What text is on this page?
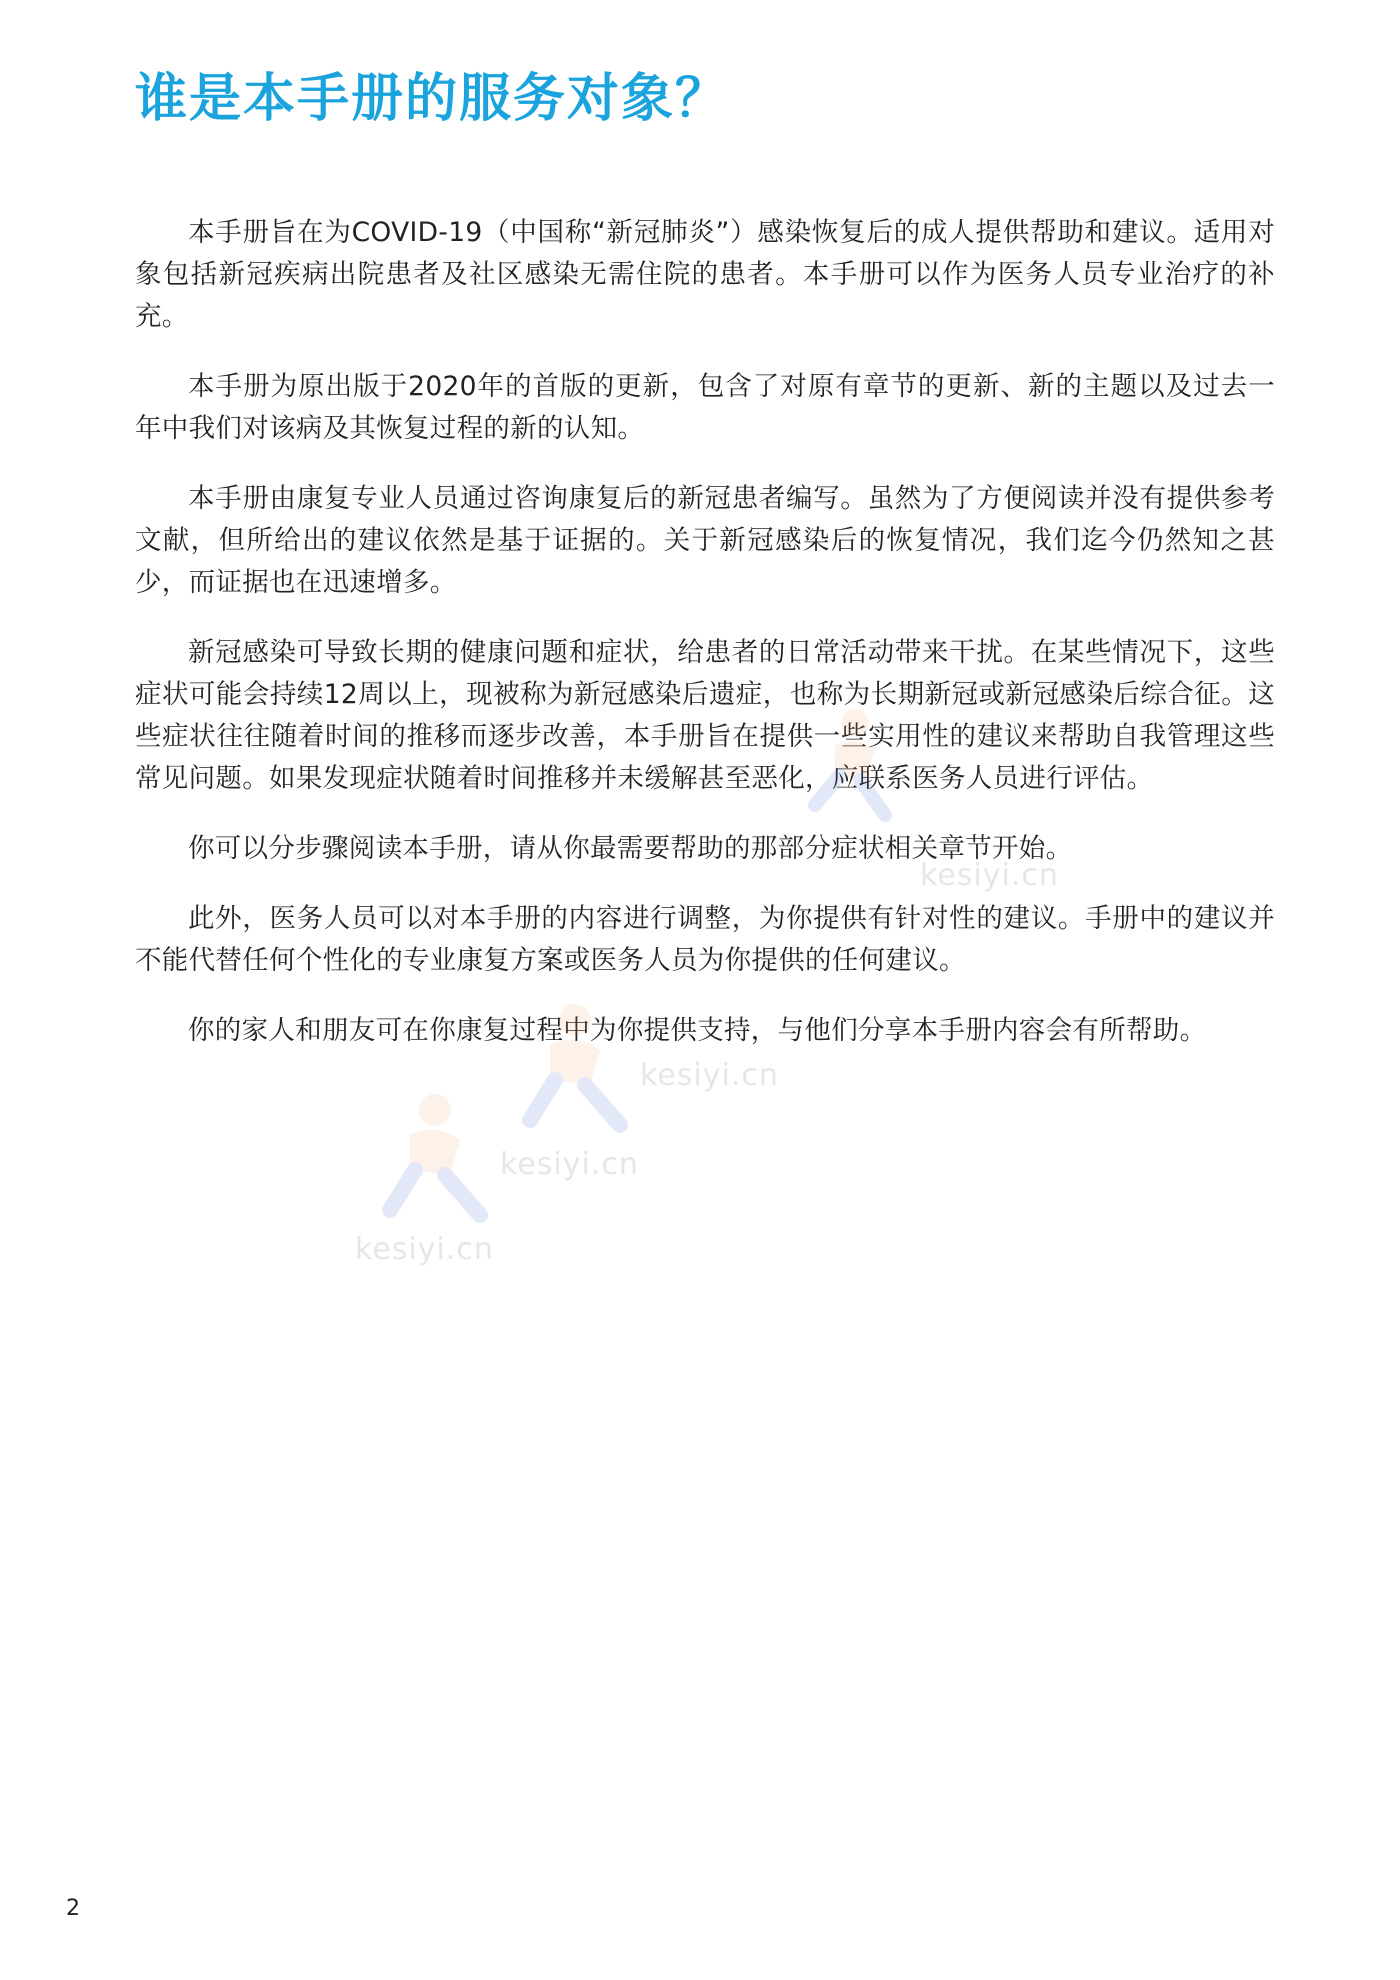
谁是本手册的服务对象？

本手册旨在为COVID-19（中国称“新冠肺炎”）感染恢复后的成人提供帮助和建议。适用对象包括新冠疾病出院患者及社区感染无需住院的患者。本手册可以作为医务人员专业治疗的补充。

本手册为原出版于2020年的首版的更新，包含了对原有章节的更新、新的主题以及过去一年中我们对该病及其恢复过程的新的认知。

本手册由康复专业人员通过咨询康复后的新冠患者编写。虽然为了方便阅读并没有提供参考文献，但所给出的建议依然是基于证据的。关于新冠感染后的恢复情况，我们迄今仍然知之甚少，而证据也在迅速增多。

新冠感染可导致长期的健康问题和症状，给患者的日常活动带来干扰。在某些情况下，这些症状可能会持续12周以上，现被称为新冠感染后遗症，也称为长期新冠或新冠感染后综合征。这些症状往往随着时间的推移而逐步改善，本手册旨在提供一些实用性的建议来帮助自我管理这些常见问题。如果发现症状随着时间推移并未缓解甚至恶化，应联系医务人员进行评估。

你可以分步骤阅读本手册，请从你最需要帮助的那部分症状相关章节开始。

此外，医务人员可以对本手册的内容进行调整，为你提供有针对性的建议。手册中的建议并不能代替任何个性化的专业康复方案或医务人员为你提供的任何建议。

你的家人和朋友可在你康复过程中为你提供支持，与他们分享本手册内容会有所帮助。

kesiyi.cn
kesiyi.cn
kesiyi.cn
kesiyi.cn
2
